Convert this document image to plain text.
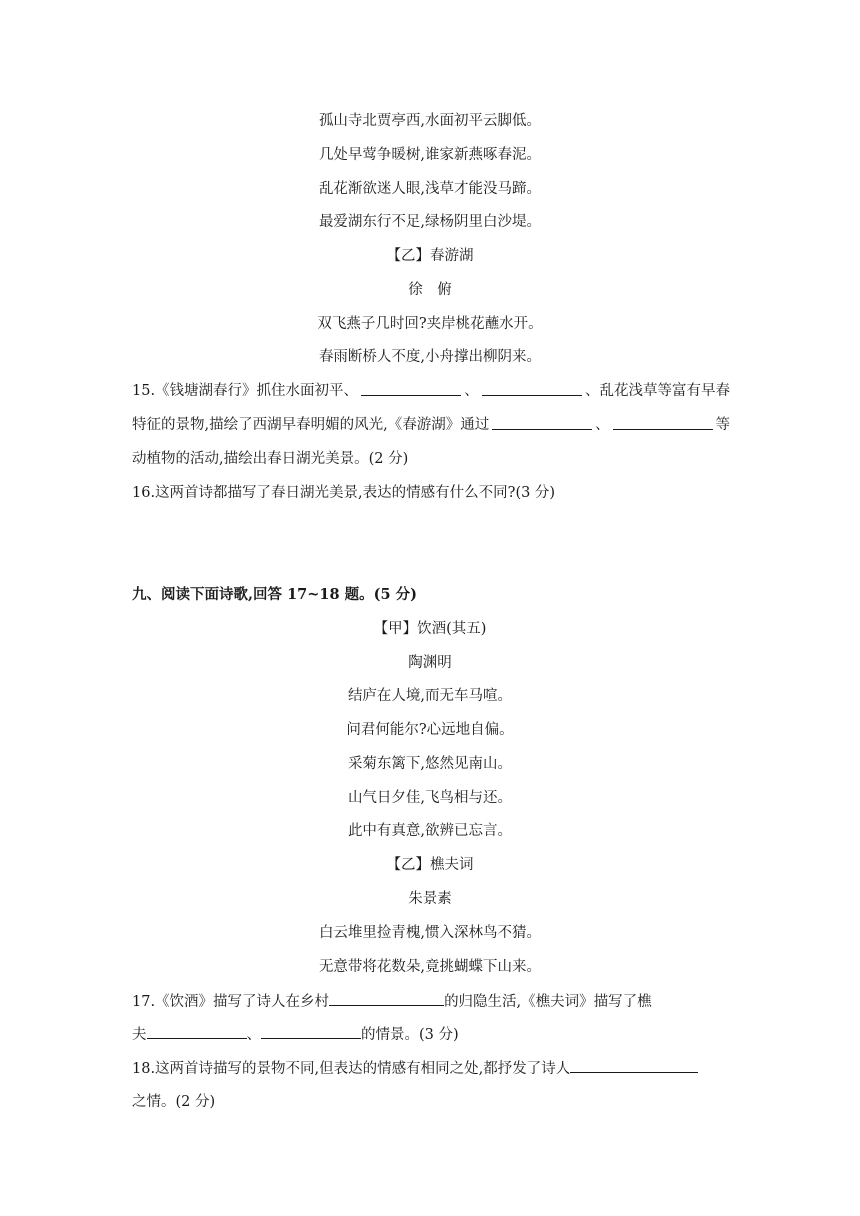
孤山寺北贾亭西,水面初平云脚低。
几处早莺争暖树,谁家新燕啄春泥。
乱花渐欲迷人眼,浅草才能没马蹄。
最爱湖东行不足,绿杨阴里白沙堤。
【乙】春游湖
徐　俯
双飞燕子几时回?夹岸桃花蘸水开。
春雨断桥人不度,小舟撑出柳阴来。
15.《钱塘湖春行》抓住水面初平、	、	、乱花浅草等富有早春
特征的景物,描绘了西湖早春明媚的风光,《春游湖》通过	、	等
动植物的活动,描绘出春日湖光美景。(2 分)
16.这两首诗都描写了春日湖光美景,表达的情感有什么不同?(3 分)
九、阅读下面诗歌,回答 17~18 题。(5 分)
【甲】饮酒(其五)
陶渊明
结庐在人境,而无车马喧。
问君何能尔?心远地自偏。
采菊东篱下,悠然见南山。
山气日夕佳,飞鸟相与还。
此中有真意,欲辨已忘言。
【乙】樵夫词
朱景素
白云堆里捡青槐,惯入深林鸟不猜。
无意带将花数朵,竟挑蝴蝶下山来。
17.《饮酒》描写了诗人在乡村	的归隐生活,《樵夫词》描写了樵
夫	、	的情景。(3 分)
18.这两首诗描写的景物不同,但表达的情感有相同之处,都抒发了诗人
之情。(2 分)
